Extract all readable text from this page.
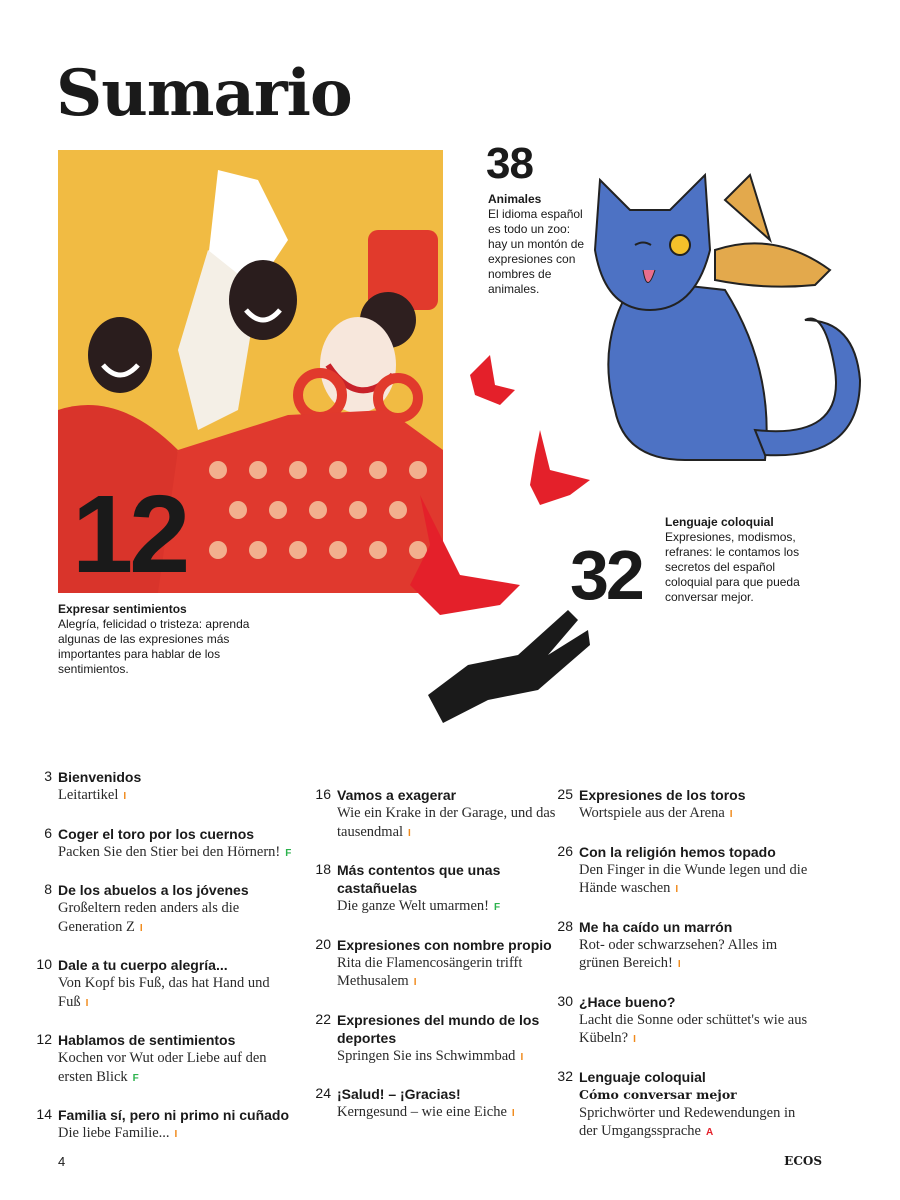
Sumario
12
Expresar sentimientos
Alegría, felicidad o tristeza: aprenda algunas de las expresiones más importantes para hablar de los sentimientos.
38
Animales
El idioma español es todo un zoo: hay un montón de expresiones con nombres de animales.
32
Lenguaje coloquial
Expresiones, modismos, refranes: le contamos los secretos del español coloquial para que pueda conversar mejor.
3 Bienvenidos
Leitartikel I
6 Coger el toro por los cuernos
Packen Sie den Stier bei den Hörnern! F
8 De los abuelos a los jóvenes
Großeltern reden anders als die Generation Z I
10 Dale a tu cuerpo alegría...
Von Kopf bis Fuß, das hat Hand und Fuß I
12 Hablamos de sentimientos
Kochen vor Wut oder Liebe auf den ersten Blick F
14 Familia sí, pero ni primo ni cuñado
Die liebe Familie... I
16 Vamos a exagerar
Wie ein Krake in der Garage, und das tausendmal I
18 Más contentos que unas castañuelas
Die ganze Welt umarmen! F
20 Expresiones con nombre propio
Rita die Flamencosängerin trifft Methusalem I
22 Expresiones del mundo de los deportes
Springen Sie ins Schwimmbad I
24 ¡Salud! – ¡Gracias!
Kerngesund – wie eine Eiche I
25 Expresiones de los toros
Wortspiele aus der Arena I
26 Con la religión hemos topado
Den Finger in die Wunde legen und die Hände waschen I
28 Me ha caído un marrón
Rot- oder schwarzsehen? Alles im grünen Bereich! I
30 ¿Hace bueno?
Lacht die Sonne oder schüttet's wie aus Kübeln? I
32 Lenguaje coloquial
Cómo conversar mejor
Sprichwörter und Redewendungen in der Umgangssprache A
4	ECOS
